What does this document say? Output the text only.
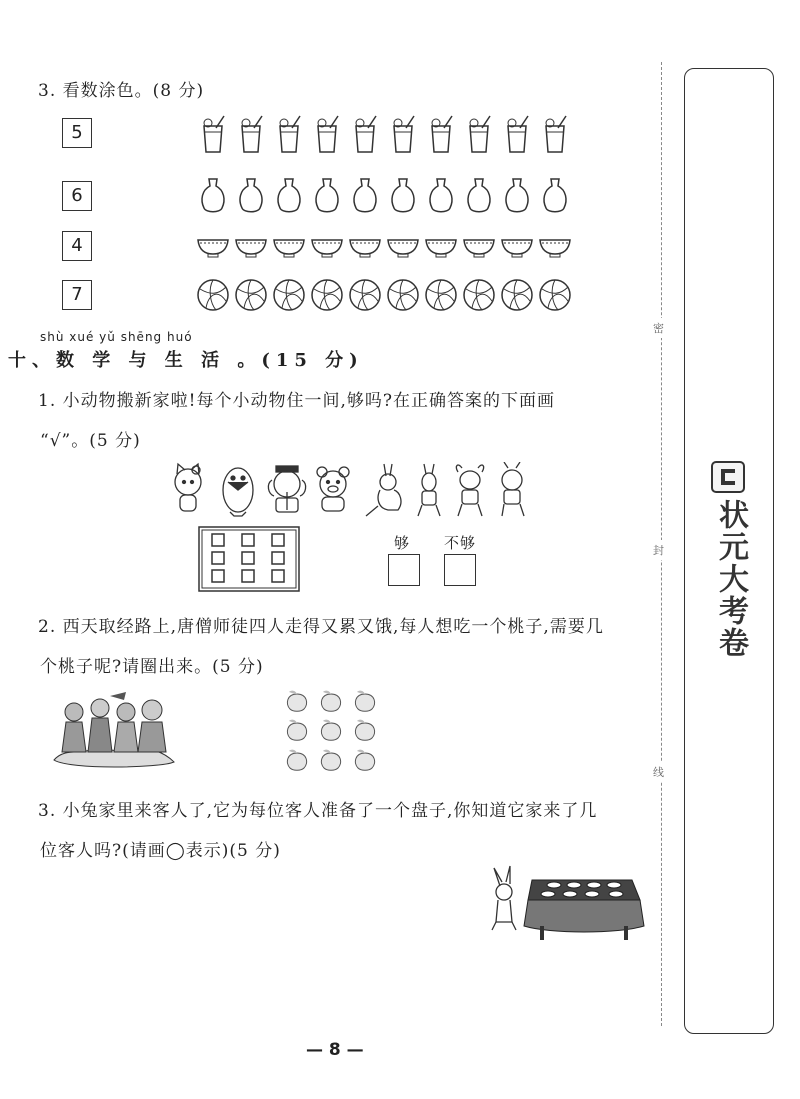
密
封
线
状元大考卷
3. 看数涂色。(8 分)
5
6
4
7
shù xué yǔ shēng huó
十、数 学 与 生 活 。(15 分)
1. 小动物搬新家啦!每个小动物住一间,够吗?在正确答案的下面画
“√”。(5 分)
够 不够
2. 西天取经路上,唐僧师徒四人走得又累又饿,每人想吃一个桃子,需要几
个桃子呢?请圈出来。(5 分)
3. 小兔家里来客人了,它为每位客人准备了一个盘子,你知道它家来了几
位客人吗?(请画◯表示)(5 分)
— 8 —
